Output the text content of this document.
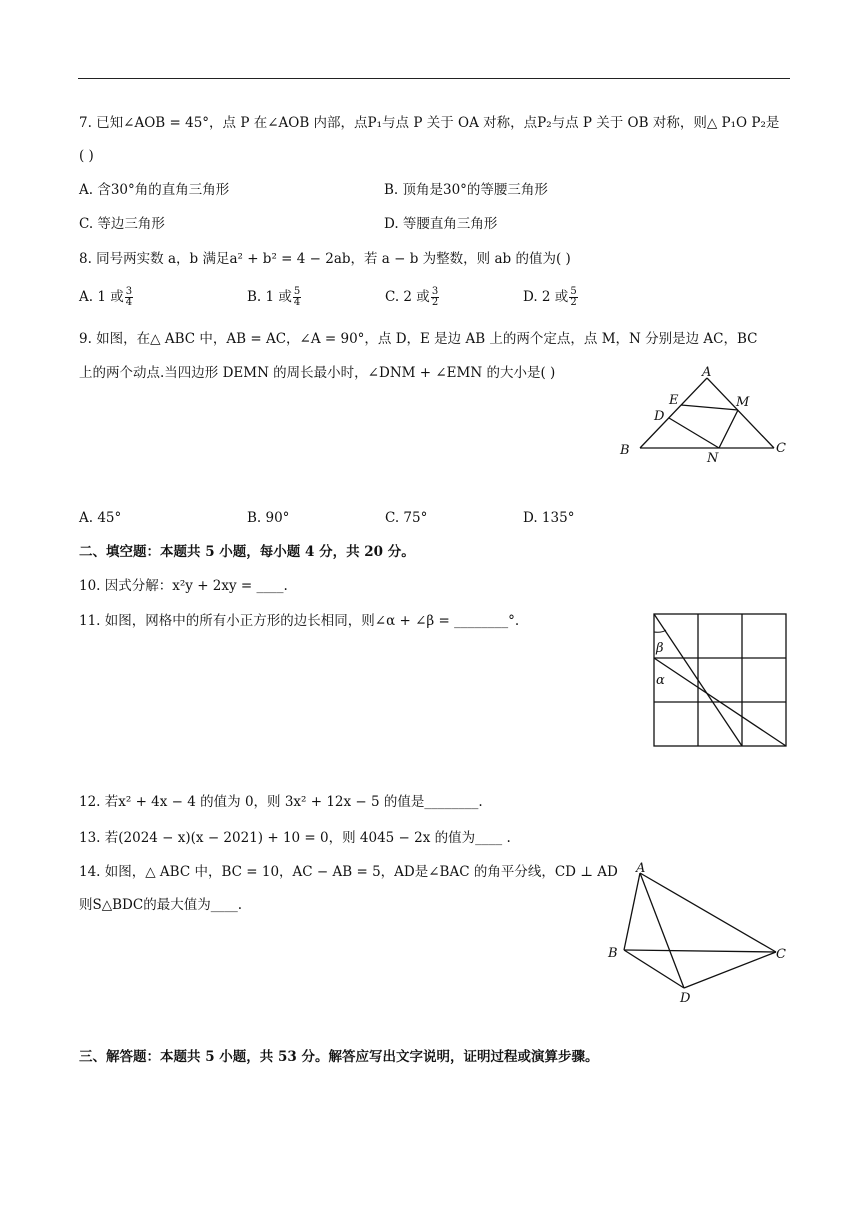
7. 已知∠AOB = 45°，点 P 在∠AOB 内部，点P₁与点 P 关于 OA 对称，点P₂与点 P 关于 OB 对称，则△ P₁O P₂是
( )
A. 含30°角的直角三角形	B. 顶角是30°的等腰三角形
C. 等边三角形	D. 等腰直角三角形
8. 同号两实数 a，b 满足a² + b² = 4 − 2ab，若 a − b 为整数，则 ab 的值为( )
A. 1 或 $\frac{3}{4}$	B. 1 或 $\frac{5}{4}$	C. 2 或 $\frac{3}{2}$	D. 2 或 $\frac{5}{2}$
9. 如图，在△ ABC 中，AB = AC，∠A = 90°，点 D，E 是边 AB 上的两个定点，点 M，N 分别是边 AC，BC
上的两个动点.当四边形 DEMN 的周长最小时，∠DNM + ∠EMN 的大小是( )	A
E	M
D
B
N
C
A. 45°	B. 90°	C. 75°	D. 135°
二、填空题：本题共 5 小题，每小题 4 分，共 20 分。
10. 因式分解：x²y + 2xy = ____.
11. 如图，网格中的所有小正方形的边长相同，则∠α + ∠β = ________°.
β
α
12. 若x² + 4x − 4 的值为 0，则 3x² + 12x − 5 的值是________.
13. 若(2024 − x)(x − 2021) + 10 = 0，则 4045 − 2x 的值为____ .
14. 如图，△ ABC 中，BC = 10，AC − AB = 5，AD是∠BAC 的角平分线，CD ⊥ AD
则S△BDC的最大值为____.
A
B	C
D
三、解答题：本题共 5 小题，共 53 分。解答应写出文字说明，证明过程或演算步骤。
